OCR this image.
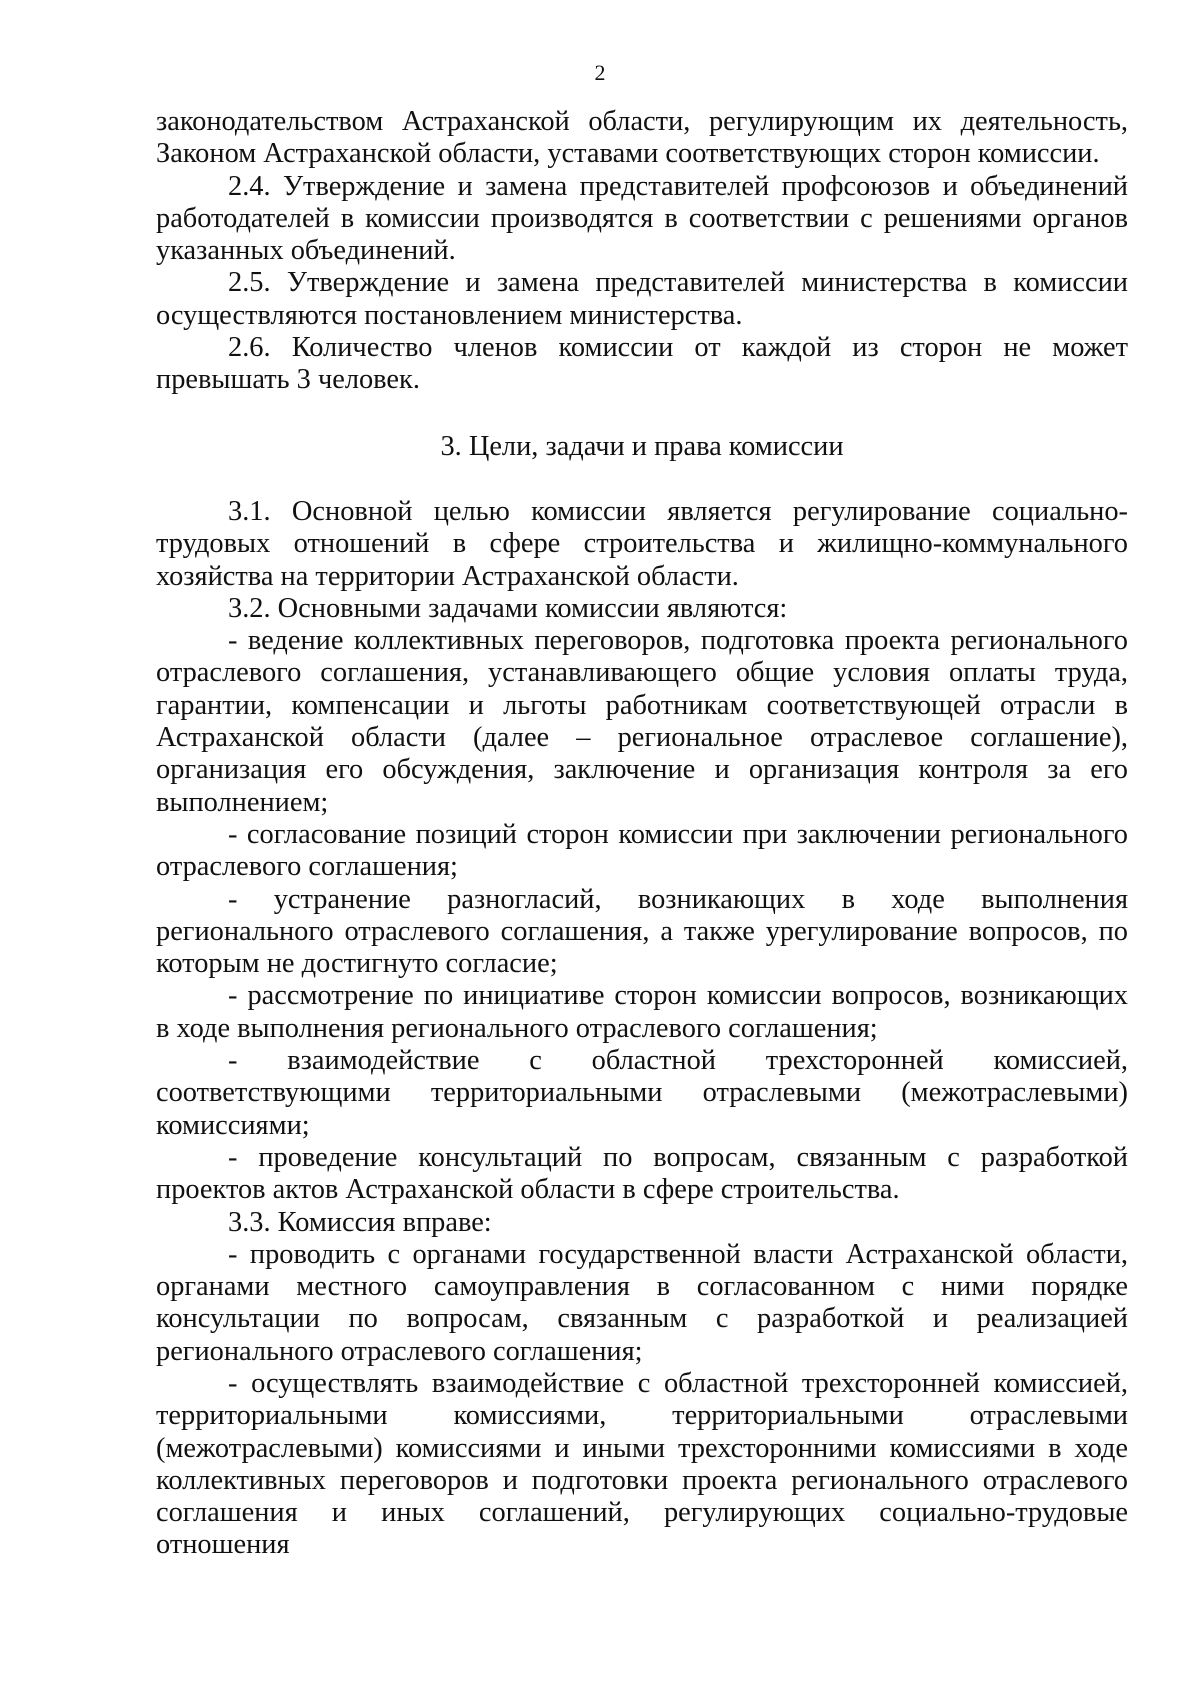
2

законодательством Астраханской области, регулирующим их деятельность, Законом Астраханской области, уставами соответствующих сторон комиссии.

2.4. Утверждение и замена представителей профсоюзов и объединений работодателей в комиссии производятся в соответствии с решениями органов указанных объединений.

2.5. Утверждение и замена представителей министерства в комиссии осуществляются постановлением министерства.

2.6. Количество членов комиссии от каждой из сторон не может превышать 3 человек.

3. Цели, задачи и права комиссии

3.1. Основной целью комиссии является регулирование социально-трудовых отношений в сфере строительства и жилищно-коммунального хозяйства на территории Астраханской области.

3.2. Основными задачами комиссии являются:

- ведение коллективных переговоров, подготовка проекта регионального отраслевого соглашения, устанавливающего общие условия оплаты труда, гарантии, компенсации и льготы работникам соответствующей отрасли в Астраханской области (далее – региональное отраслевое соглашение), организация его обсуждения, заключение и организация контроля за его выполнением;

- согласование позиций сторон комиссии при заключении регионального отраслевого соглашения;

- устранение разногласий, возникающих в ходе выполнения регионального отраслевого соглашения, а также урегулирование вопросов, по которым не достигнуто согласие;

- рассмотрение по инициативе сторон комиссии вопросов, возникающих в ходе выполнения регионального отраслевого соглашения;

- взаимодействие с областной трехсторонней комиссией, соответствующими территориальными отраслевыми (межотраслевыми) комиссиями;

- проведение консультаций по вопросам, связанным с разработкой проектов актов Астраханской области в сфере строительства.

3.3. Комиссия вправе:

- проводить с органами государственной власти Астраханской области, органами местного самоуправления в согласованном с ними порядке консультации по вопросам, связанным с разработкой и реализацией регионального отраслевого соглашения;

- осуществлять взаимодействие с областной трехсторонней комиссией, территориальными комиссиями, территориальными отраслевыми (межотраслевыми) комиссиями и иными трехсторонними комиссиями в ходе коллективных переговоров и подготовки проекта регионального отраслевого соглашения и иных соглашений, регулирующих социально-трудовые отношения
